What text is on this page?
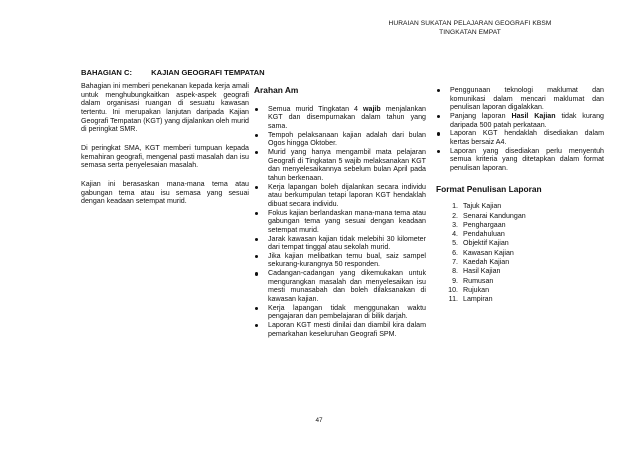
HURAIAN SUKATAN PELAJARAN GEOGRAFI KBSM
TINGKATAN EMPAT
BAHAGIAN C:	KAJIAN GEOGRAFI TEMPATAN

Bahagian ini memberi penekanan kepada kerja amali untuk menghubungkaitkan aspek-aspek geografi dalam organisasi ruangan di sesuatu kawasan tertentu. Ini merupakan lanjutan daripada Kajian Geografi Tempatan (KGT) yang dijalankan oleh murid di peringkat SMR.

Di peringkat SMA, KGT memberi tumpuan kepada kemahiran geografi, mengenal pasti masalah dan isu semasa serta penyelesaian masalah.

Kajian ini berasaskan mana-mana tema atau gabungan tema atau isu semasa yang sesuai dengan keadaan setempat murid.

Arahan Am
Semua murid Tingkatan 4 wajib menjalankan KGT dan disempurnakan dalam tahun yang sama.
Tempoh pelaksanaan kajian adalah dari bulan Ogos hingga Oktober.
Murid yang hanya mengambil mata pelajaran Geografi di Tingkatan 5 wajib melaksanakan KGT dan menyelesaikannya sebelum bulan April pada tahun berkenaan.
Kerja lapangan boleh dijalankan secara individu atau berkumpulan tetapi laporan KGT hendaklah dibuat secara individu.
Fokus kajian berlandaskan mana-mana tema atau gabungan tema yang sesuai dengan keadaan setempat murid.
Jarak kawasan kajian tidak melebihi 30 kilometer dari tempat tinggal atau sekolah murid.
Jika kajian melibatkan temu bual, saiz sampel sekurang-kurangnya 50 responden.
Cadangan-cadangan yang dikemukakan untuk mengurangkan masalah dan menyelesaikan isu mesti munasabah dan boleh dilaksanakan di kawasan kajian.
Kerja lapangan tidak menggunakan waktu pengajaran dan pembelajaran di bilik darjah.
Laporan KGT mesti dinilai dan diambil kira dalam pemarkahan keseluruhan Geografi SPM.
Penggunaan teknologi maklumat dan komunikasi dalam mencari maklumat dan penulisan laporan digalakkan.
Panjang laporan Hasil Kajian tidak kurang daripada 500 patah perkataan.
Laporan KGT hendaklah disediakan dalam kertas bersaiz A4.
Laporan yang disediakan perlu menyentuh semua kriteria yang ditetapkan dalam format penulisan laporan.
Format Penulisan Laporan
1. Tajuk Kajian
2. Senarai Kandungan
3. Penghargaan
4. Pendahuluan
5. Objektif Kajian
6. Kawasan Kajian
7. Kaedah Kajian
8. Hasil Kajian
9. Rumusan
10. Rujukan
11. Lampiran
47
